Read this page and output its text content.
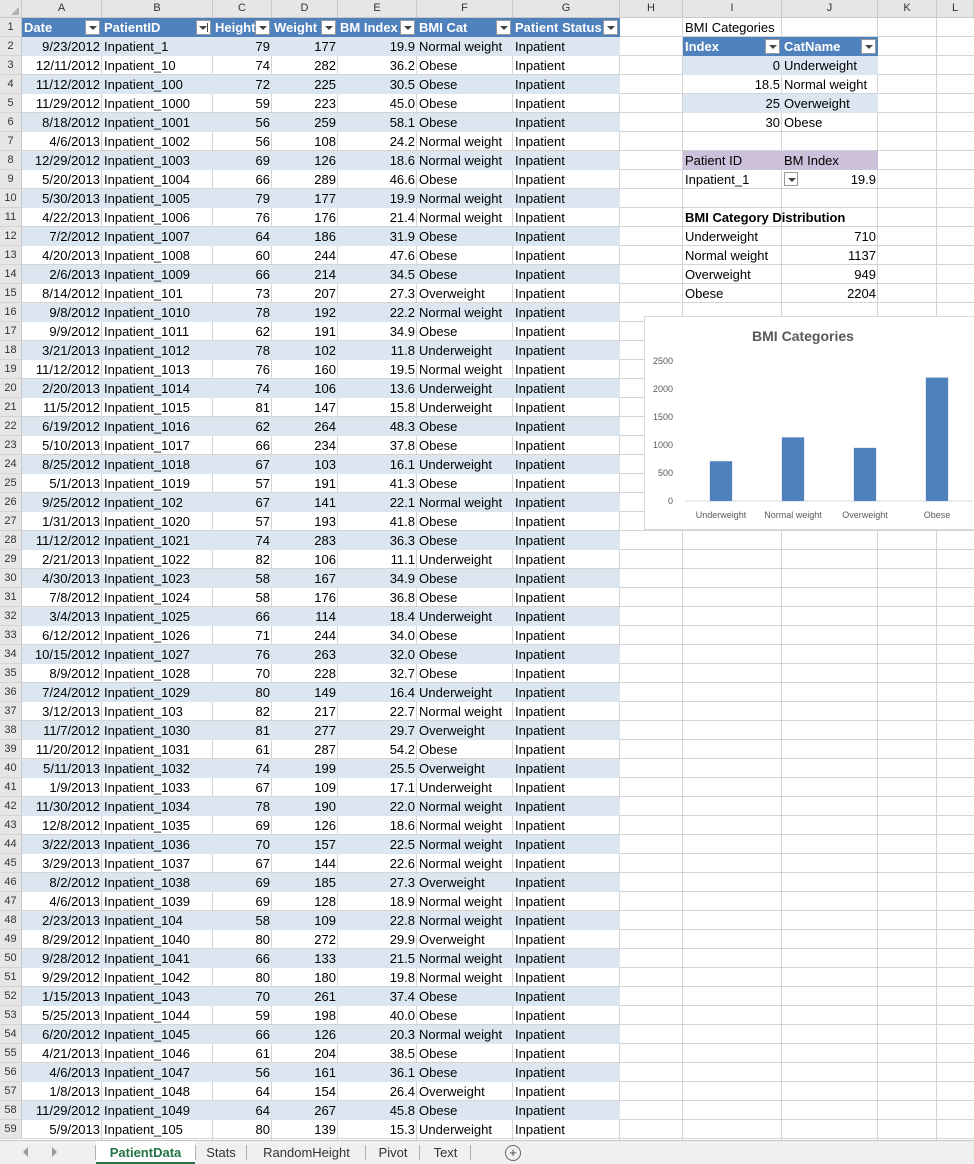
A	B	C	D	E	F	G	H	I	J	K	L
1
2
3
4
5
6
7
8
9
10
11
12
13
14
15
16
17
18
19
20
21
22
23
24
25
26
27
28
29
30
31
32
33
34
35
36
37
38
39
40
41
42
43
44
45
46
47
48
49
50
51
52
53
54
55
56
57
58
59
Date	PatientID	Height	Weight	BM Index	BMI Cat	Patient Status
9/23/2012 Inpatient_1	79	177	19.9 Normal weight Inpatient
12/11/2012 Inpatient_10	74	282	36.2 Obese	Inpatient
11/12/2012 Inpatient_100	72	225	30.5 Obese	Inpatient
11/29/2012 Inpatient_1000	59	223	45.0 Obese	Inpatient
8/18/2012 Inpatient_1001	56	259	58.1 Obese	Inpatient
4/6/2013 Inpatient_1002	56	108	24.2 Normal weight Inpatient
12/29/2012 Inpatient_1003	69	126	18.6 Normal weight Inpatient
5/20/2013 Inpatient_1004	66	289	46.6 Obese	Inpatient
5/30/2013 Inpatient_1005	79	177	19.9 Normal weight Inpatient
4/22/2013 Inpatient_1006	76	176	21.4 Normal weight Inpatient
7/2/2012 Inpatient_1007	64	186	31.9 Obese	Inpatient
4/20/2013 Inpatient_1008	60	244	47.6 Obese	Inpatient
2/6/2013 Inpatient_1009	66	214	34.5 Obese	Inpatient
8/14/2012 Inpatient_101	73	207	27.3 Overweight	Inpatient
9/8/2012 Inpatient_1010	78	192	22.2 Normal weight Inpatient
9/9/2012 Inpatient_1011	62	191	34.9 Obese	Inpatient
3/21/2013 Inpatient_1012	78	102	11.8 Underweight	Inpatient
11/12/2012 Inpatient_1013	76	160	19.5 Normal weight Inpatient
2/20/2013 Inpatient_1014	74	106	13.6 Underweight	Inpatient
11/5/2012 Inpatient_1015	81	147	15.8 Underweight	Inpatient
6/19/2012 Inpatient_1016	62	264	48.3 Obese	Inpatient
5/10/2013 Inpatient_1017	66	234	37.8 Obese	Inpatient
8/25/2012 Inpatient_1018	67	103	16.1 Underweight	Inpatient
5/1/2013 Inpatient_1019	57	191	41.3 Obese	Inpatient
9/25/2012 Inpatient_102	67	141	22.1 Normal weight Inpatient
1/31/2013 Inpatient_1020	57	193	41.8 Obese	Inpatient
11/12/2012 Inpatient_1021	74	283	36.3 Obese	Inpatient
2/21/2013 Inpatient_1022	82	106	11.1 Underweight	Inpatient
4/30/2013 Inpatient_1023	58	167	34.9 Obese	Inpatient
7/8/2012 Inpatient_1024	58	176	36.8 Obese	Inpatient
3/4/2013 Inpatient_1025	66	114	18.4 Underweight	Inpatient
6/12/2012 Inpatient_1026	71	244	34.0 Obese	Inpatient
10/15/2012 Inpatient_1027	76	263	32.0 Obese	Inpatient
8/9/2012 Inpatient_1028	70	228	32.7 Obese	Inpatient
7/24/2012 Inpatient_1029	80	149	16.4 Underweight	Inpatient
3/12/2013 Inpatient_103	82	217	22.7 Normal weight Inpatient
11/7/2012 Inpatient_1030	81	277	29.7 Overweight	Inpatient
11/20/2012 Inpatient_1031	61	287	54.2 Obese	Inpatient
5/11/2013 Inpatient_1032	74	199	25.5 Overweight	Inpatient
1/9/2013 Inpatient_1033	67	109	17.1 Underweight	Inpatient
11/30/2012 Inpatient_1034	78	190	22.0 Normal weight Inpatient
12/8/2012 Inpatient_1035	69	126	18.6 Normal weight Inpatient
3/22/2013 Inpatient_1036	70	157	22.5 Normal weight Inpatient
3/29/2013 Inpatient_1037	67	144	22.6 Normal weight Inpatient
8/2/2012 Inpatient_1038	69	185	27.3 Overweight	Inpatient
4/6/2013 Inpatient_1039	69	128	18.9 Normal weight Inpatient
2/23/2013 Inpatient_104	58	109	22.8 Normal weight Inpatient
8/29/2012 Inpatient_1040	80	272	29.9 Overweight	Inpatient
9/28/2012 Inpatient_1041	66	133	21.5 Normal weight Inpatient
9/29/2012 Inpatient_1042	80	180	19.8 Normal weight Inpatient
1/15/2013 Inpatient_1043	70	261	37.4 Obese	Inpatient
5/25/2013 Inpatient_1044	59	198	40.0 Obese	Inpatient
6/20/2012 Inpatient_1045	66	126	20.3 Normal weight Inpatient
4/21/2013 Inpatient_1046	61	204	38.5 Obese	Inpatient
4/6/2013 Inpatient_1047	56	161	36.1 Obese	Inpatient
1/8/2013 Inpatient_1048	64	154	26.4 Overweight	Inpatient
11/29/2012 Inpatient_1049	64	267	45.8 Obese	Inpatient
5/9/2013 Inpatient_105	80	139	15.3 Underweight	Inpatient
BMI Categories
Index	CatName
0 Underweight
18.5 Normal weight
25 Overweight
30 Obese
Patient ID	BM Index
Inpatient_1	19.9
BMI Category Distribution
Underweight	710
Normal weight	1137
Overweight	949
Obese	2204
BMI Categories
0
500
1000
1500
2000
2500
Underweight Normal weight Overweight	Obese
PatientData	Stats	RandomHeight	Pivot	Text	+
